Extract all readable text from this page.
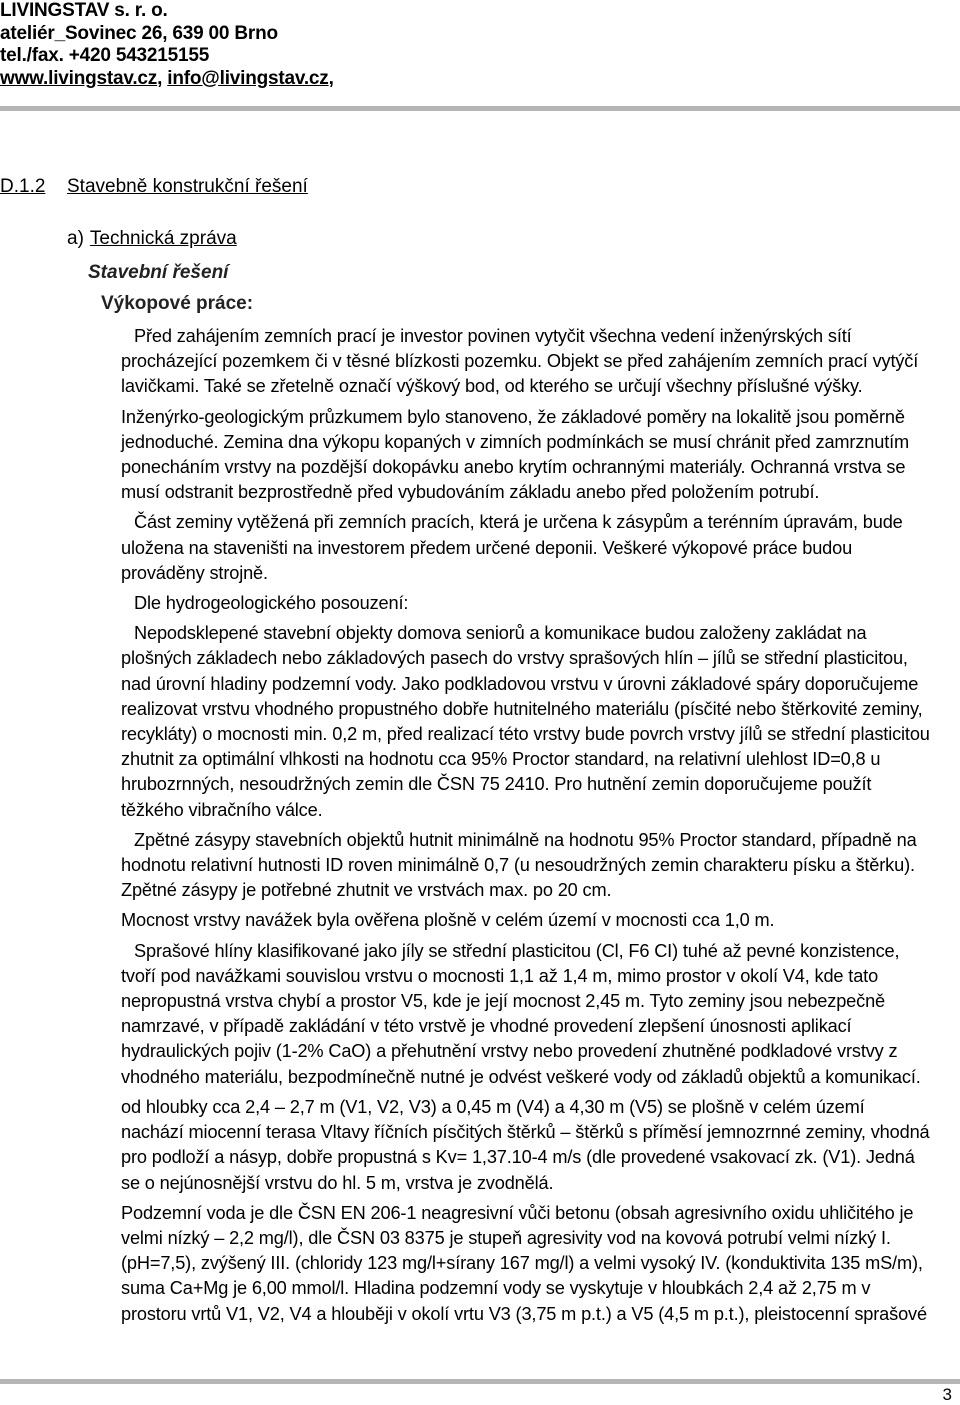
LIVINGSTAV s. r. o.
ateliér_Sovinec 26, 639 00 Brno
tel./fax. +420 543215155
www.livingstav.cz, info@livingstav.cz,
D.1.2 Stavebně konstrukční řešení
a) Technická zpráva
Stavební řešení
Výkopové práce:

Před zahájením zemních prací je investor povinen vytyčit všechna vedení inženýrských sítí

procházející pozemkem či v těsné blízkosti pozemku. Objekt se před zahájením zemních prací vytýčí

lavičkami. Také se zřetelně označí výškový bod, od kterého se určují všechny příslušné výšky.

Inženýrko-geologickým průzkumem bylo stanoveno, že základové poměry na lokalitě jsou poměrně

jednoduché. Zemina dna výkopu kopaných v zimních podmínkách se musí chránit před zamrznutím

ponecháním vrstvy na pozdější dokopávku anebo krytím ochrannými materiály. Ochranná vrstva se

musí odstranit bezprostředně před vybudováním základu anebo před položením potrubí.

Část zeminy vytěžená při zemních pracích, která je určena k zásypům a terénním úpravám, bude

uložena na staveništi na investorem předem určené deponii. Veškeré výkopové práce budou

prováděny strojně.

Dle hydrogeologického posouzení:

Nepodsklepené stavební objekty domova seniorů a komunikace budou založeny zakládat na

plošných základech nebo základových pasech do vrstvy sprašových hlín – jílů se střední plasticitou,

nad úrovní hladiny podzemní vody. Jako podkladovou vrstvu v úrovni základové spáry doporučujeme

realizovat vrstvu vhodného propustného dobře hutnitelného materiálu (písčité nebo štěrkovité zeminy,

recykláty) o mocnosti min. 0,2 m, před realizací této vrstvy bude povrch vrstvy jílů se střední plasticitou

zhutnit za optimální vlhkosti na hodnotu cca 95% Proctor standard, na relativní ulehlost ID=0,8 u

hrubozrnných, nesoudržných zemin dle ČSN 75 2410. Pro hutnění zemin doporučujeme použít

těžkého vibračního válce.

Zpětné zásypy stavebních objektů hutnit minimálně na hodnotu 95% Proctor standard, případně na

hodnotu relativní hutnosti ID roven minimálně 0,7 (u nesoudržných zemin charakteru písku a štěrku).

Zpětné zásypy je potřebné zhutnit ve vrstvách max. po 20 cm.

Mocnost vrstvy navážek byla ověřena plošně v celém území v mocnosti cca 1,0 m.

Sprašové hlíny klasifikované jako jíly se střední plasticitou (Cl, F6 CI) tuhé až pevné konzistence,

tvoří pod navážkami souvislou vrstvu o mocnosti 1,1 až 1,4 m, mimo prostor v okolí V4, kde tato

nepropustná vrstva chybí a prostor V5, kde je její mocnost 2,45 m. Tyto zeminy jsou nebezpečně

namrzavé, v případě zakládání v této vrstvě je vhodné provedení zlepšení únosnosti aplikací

hydraulických pojiv (1-2% CaO) a přehutnění vrstvy nebo provedení zhutněné podkladové vrstvy z

vhodného materiálu, bezpodmínečně nutné je odvést veškeré vody od základů objektů a komunikací.

od hloubky cca 2,4 – 2,7 m (V1, V2, V3) a 0,45 m (V4) a 4,30 m (V5) se plošně v celém území

nachází miocenní terasa Vltavy říčních písčitých štěrků – štěrků s příměsí jemnozrnné zeminy, vhodná

pro podloží a násyp, dobře propustná s Kv= 1,37.10-4 m/s (dle provedené vsakovací zk. (V1). Jedná

se o nejúnosnější vrstvu do hl. 5 m, vrstva je zvodnělá.

Podzemní voda je dle ČSN EN 206-1 neagresivní vůči betonu (obsah agresivního oxidu uhličitého je

velmi nízký – 2,2 mg/l), dle ČSN 03 8375 je stupeň agresivity vod na kovová potrubí velmi nízký I.

(pH=7,5), zvýšený III. (chloridy 123 mg/l+sírany 167 mg/l) a velmi vysoký IV. (konduktivita 135 mS/m),

suma Ca+Mg je 6,00 mmol/l. Hladina podzemní vody se vyskytuje v hloubkách 2,4 až 2,75 m v

prostoru vrtů V1, V2, V4 a hlouběji v okolí vrtu V3 (3,75 m p.t.) a V5 (4,5 m p.t.), pleistocenní sprašové

3
